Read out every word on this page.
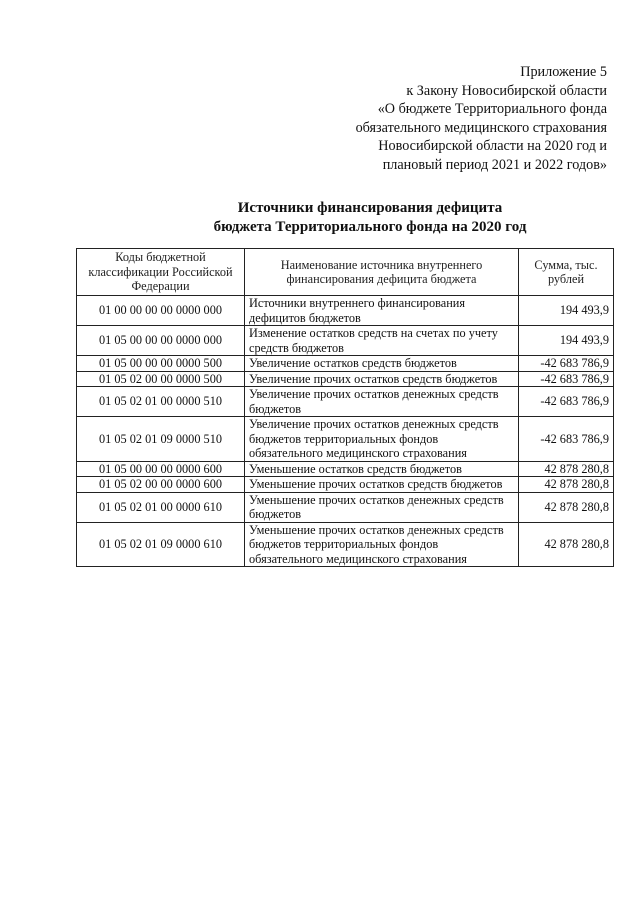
Приложение 5
к Закону Новосибирской области
«О бюджете Территориального фонда
обязательного медицинского страхования
Новосибирской области на 2020 год и
плановый период 2021 и 2022 годов»
Источники финансирования дефицита
бюджета Территориального фонда на 2020 год
Коды бюджетной классификации Российской Федерации	Наименование источника внутреннего финансирования дефицита бюджета	Сумма, тыс. рублей
01 00 00 00 00 0000 000	Источники внутреннего финансирования дефицитов бюджетов	194 493,9
01 05 00 00 00 0000 000	Изменение остатков средств на счетах по учету средств бюджетов	194 493,9
01 05 00 00 00 0000 500	Увеличение остатков средств бюджетов	-42 683 786,9
01 05 02 00 00 0000 500	Увеличение прочих остатков средств бюджетов	-42 683 786,9
01 05 02 01 00 0000 510	Увеличение прочих остатков денежных средств бюджетов	-42 683 786,9
01 05 02 01 09 0000 510	Увеличение прочих остатков денежных средств бюджетов территориальных фондов обязательного медицинского страхования	-42 683 786,9
01 05 00 00 00 0000 600	Уменьшение остатков средств бюджетов	42 878 280,8
01 05 02 00 00 0000 600	Уменьшение прочих остатков средств бюджетов	42 878 280,8
01 05 02 01 00 0000 610	Уменьшение прочих остатков денежных средств бюджетов	42 878 280,8
01 05 02 01 09 0000 610	Уменьшение прочих остатков денежных средств бюджетов территориальных фондов обязательного медицинского страхования	42 878 280,8
